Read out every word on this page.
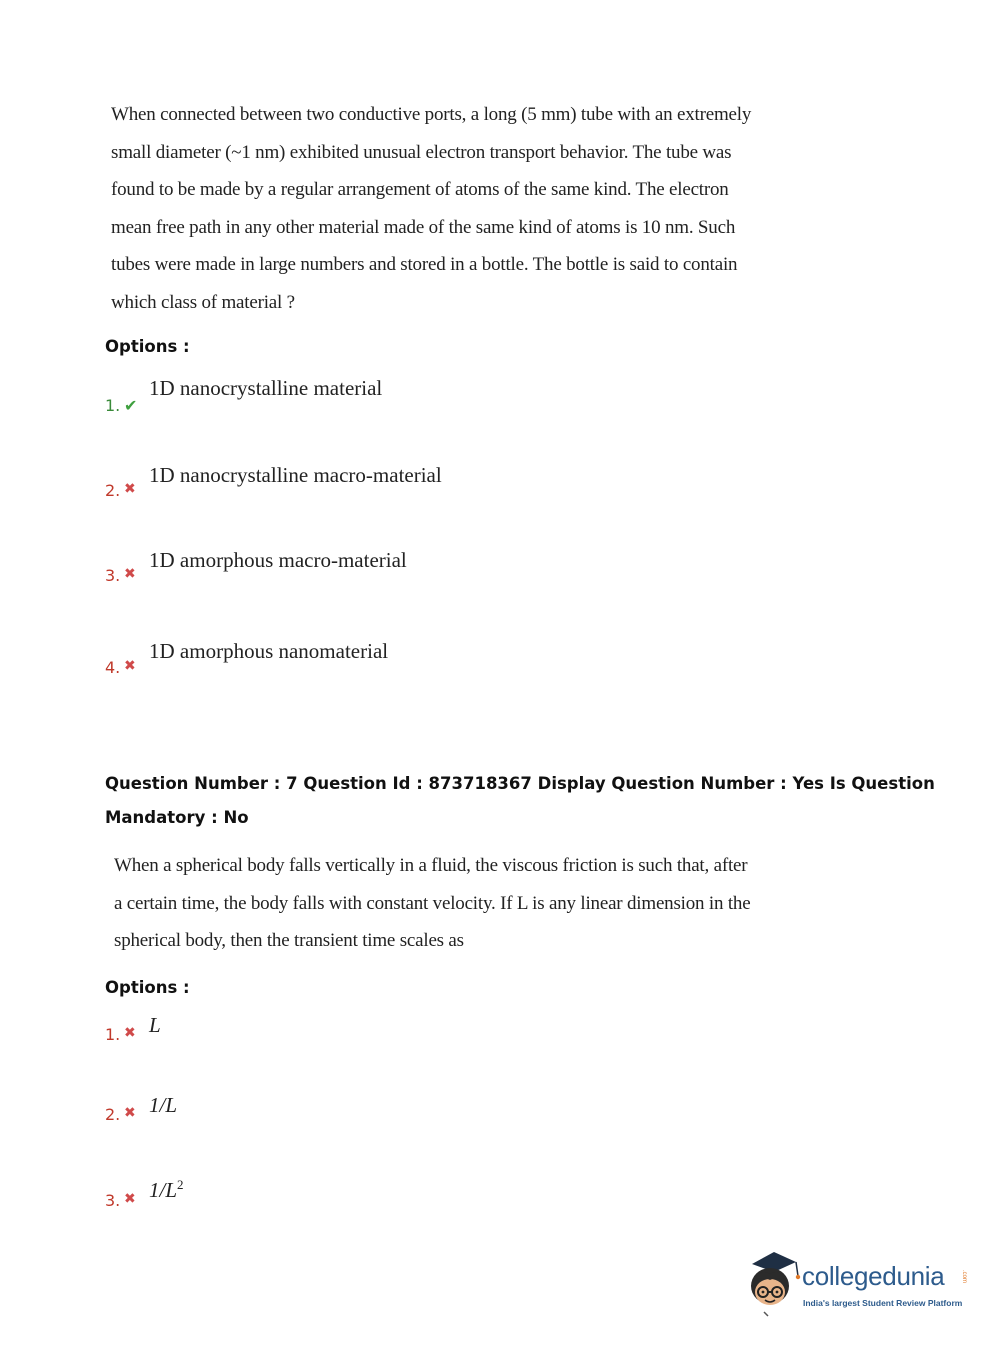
When connected between two conductive ports, a long (5 mm) tube with an extremely

small diameter (~1 nm) exhibited unusual electron transport behavior. The tube was

found to be made by a regular arrangement of atoms of the same kind. The electron

mean free path in any other material made of the same kind of atoms is 10 nm. Such

tubes were made in large numbers and stored in a bottle. The bottle is said to contain

which class of material ?

Options :
1. ✔
1D nanocrystalline material
2. ✖
1D nanocrystalline macro-material
3. ✖
1D amorphous macro-material
4. ✖
1D amorphous nanomaterial

Question Number : 7 Question Id : 873718367 Display Question Number : Yes Is Question

Mandatory : No

When a spherical body falls vertically in a fluid, the viscous friction is such that, after

a certain time, the body falls with constant velocity. If L is any linear dimension in the

spherical body, then the transient time scales as

Options :
1. ✖ L
2. ✖ 1/L
3. ✖ $1/L^2$
collegedunia	.com
India's largest Student Review Platform
